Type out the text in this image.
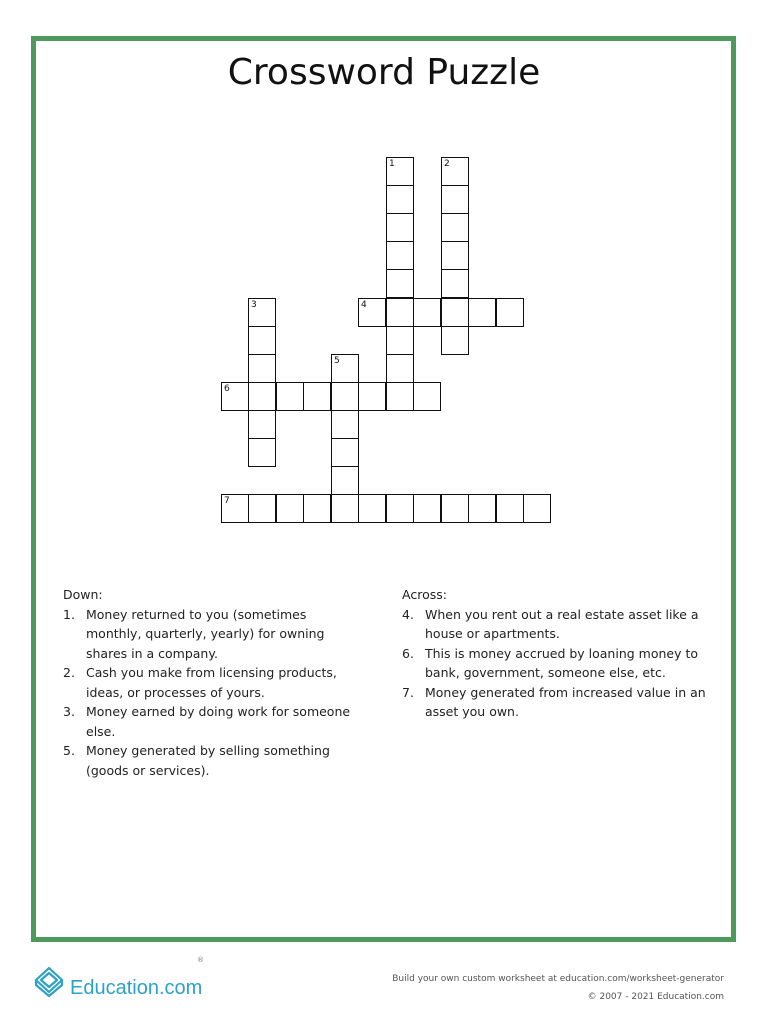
Crossword Puzzle
1	2
4
3
5
6
7
Down:
1. Money returned to you (sometimes monthly, quarterly, yearly) for owning shares in a company.
2. Cash you make from licensing products, ideas, or processes of yours.
3. Money earned by doing work for someone else.
5. Money generated by selling something (goods or services).
Across:
4. When you rent out a real estate asset like a house or apartments.
6. This is money accrued by loaning money to bank, government, someone else, etc.
7. Money generated from increased value in an asset you own.
Education.com
®
Build your own custom worksheet at education.com/worksheet-generator
© 2007 - 2021 Education.com
